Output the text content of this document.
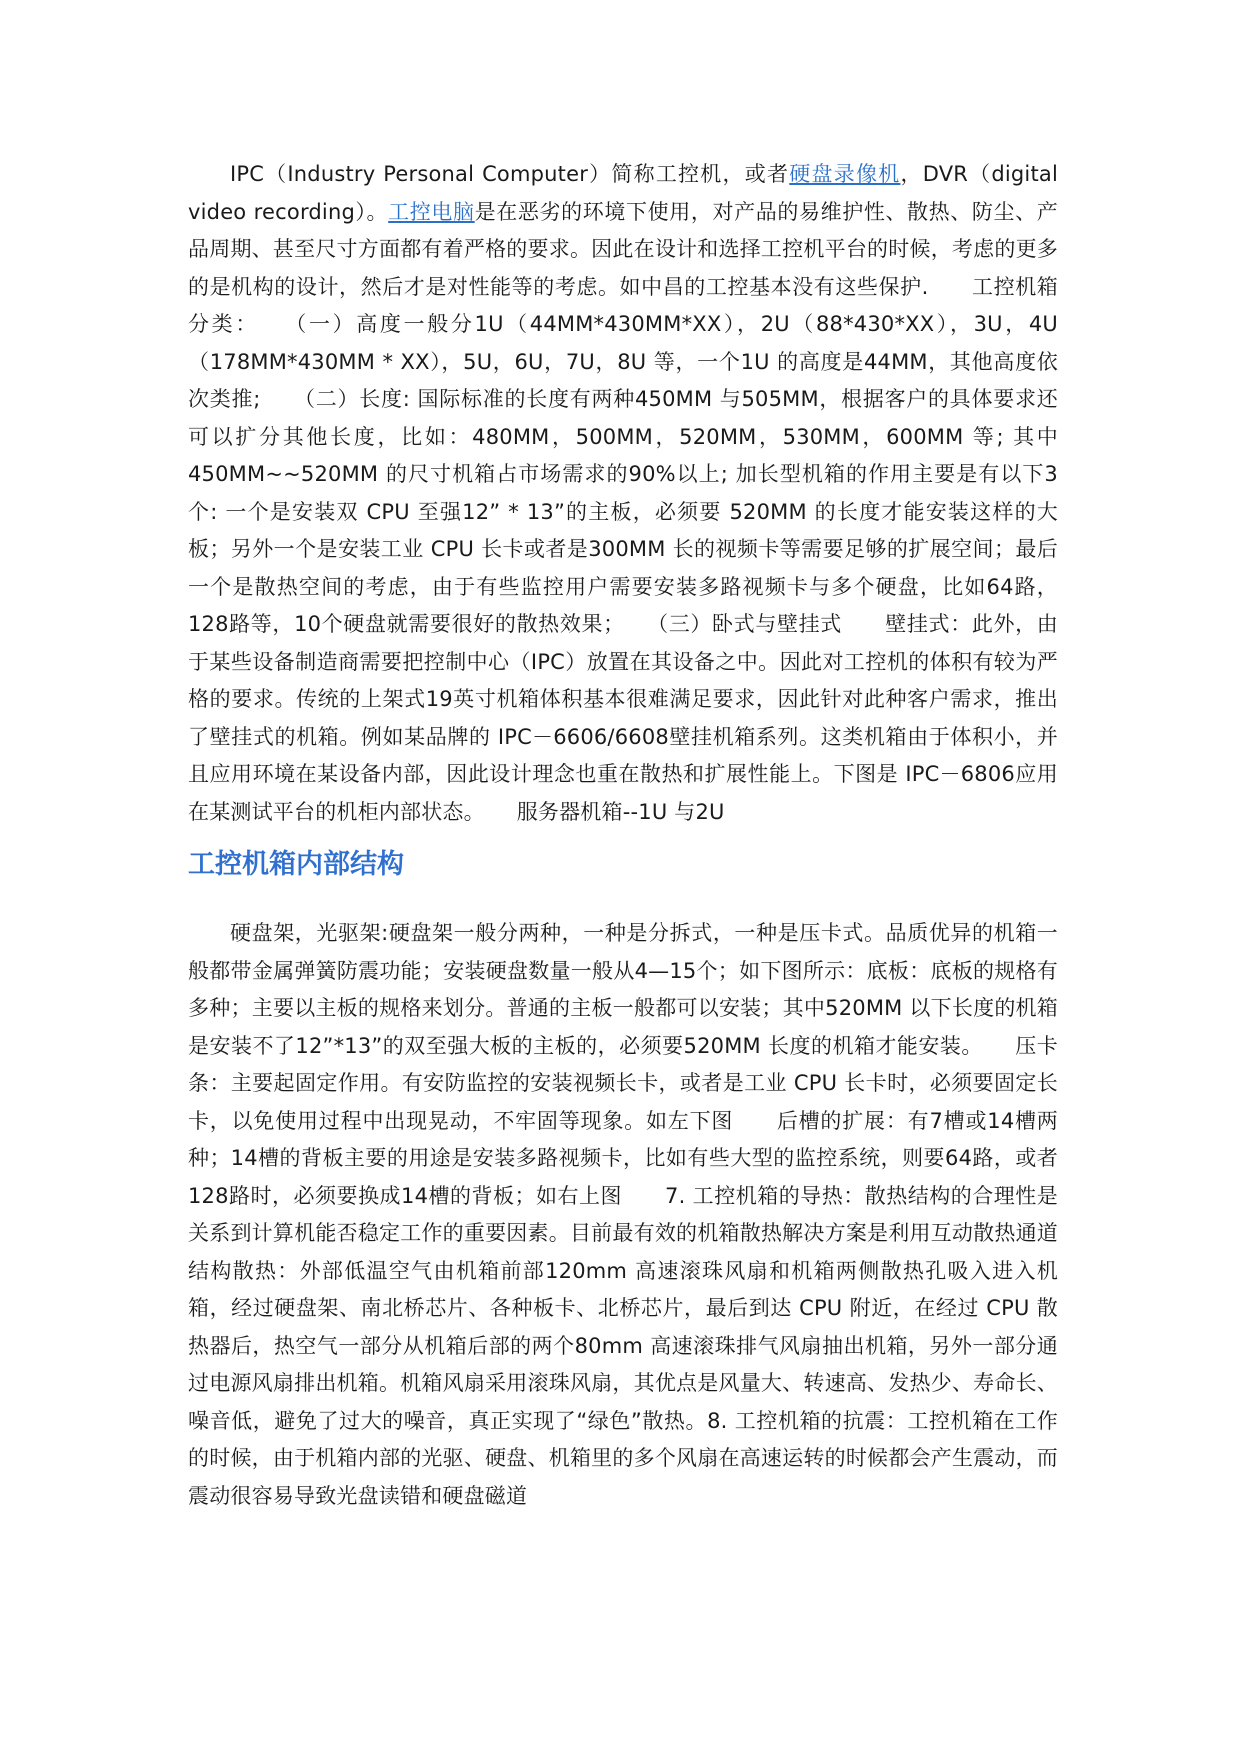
IPC（Industry Personal Computer）简称工控机，或者硬盘录像机，DVR（digital video recording）。工控电脑是在恶劣的环境下使用，对产品的易维护性、散热、防尘、产品周期、甚至尺寸方面都有着严格的要求。因此在设计和选择工控机平台的时候，考虑的更多的是机构的设计，然后才是对性能等的考虑。如中昌的工控基本没有这些保护.　　工控机箱分类：　　（一）高度一般分1U（44MM*430MM*XX），2U（88*430*XX），3U，4U（178MM*430MM * XX），5U，6U，7U，8U 等，一个1U 的高度是44MM，其他高度依次类推;　　（二）长度: 国际标准的长度有两种450MM 与505MM，根据客户的具体要求还可以扩分其他长度，比如：480MM，500MM，520MM，530MM，600MM 等; 其中450MM~~520MM 的尺寸机箱占市场需求的90%以上; 加长型机箱的作用主要是有以下3个: 一个是安装双 CPU 至强12” * 13”的主板，必须要 520MM 的长度才能安装这样的大板；另外一个是安装工业 CPU 长卡或者是300MM 长的视频卡等需要足够的扩展空间；最后一个是散热空间的考虑，由于有些监控用户需要安装多路视频卡与多个硬盘，比如64路，128路等，10个硬盘就需要很好的散热效果；　　（三）卧式与壁挂式　　壁挂式：此外，由于某些设备制造商需要把控制中心（IPC）放置在其设备之中。因此对工控机的体积有较为严格的要求。传统的上架式19英寸机箱体积基本很难满足要求，因此针对此种客户需求，推出了壁挂式的机箱。例如某品牌的 IPC－6606/6608壁挂机箱系列。这类机箱由于体积小，并且应用环境在某设备内部，因此设计理念也重在散热和扩展性能上。下图是 IPC－6806应用在某测试平台的机柜内部状态。　　服务器机箱--1U 与2U

工控机箱内部结构

硬盘架，光驱架:硬盘架一般分两种，一种是分拆式，一种是压卡式。品质优异的机箱一般都带金属弹簧防震功能；安装硬盘数量一般从4—15个；如下图所示：底板：底板的规格有多种；主要以主板的规格来划分。普通的主板一般都可以安装；其中520MM 以下长度的机箱是安装不了12”*13”的双至强大板的主板的，必须要520MM 长度的机箱才能安装。　　压卡条：主要起固定作用。有安防监控的安装视频长卡，或者是工业 CPU 长卡时，必须要固定长卡，以免使用过程中出现晃动，不牢固等现象。如左下图　　后槽的扩展：有7槽或14槽两种；14槽的背板主要的用途是安装多路视频卡，比如有些大型的监控系统，则要64路，或者128路时，必须要换成14槽的背板；如右上图　　7. 工控机箱的导热：散热结构的合理性是关系到计算机能否稳定工作的重要因素。目前最有效的机箱散热解决方案是利用互动散热通道结构散热：外部低温空气由机箱前部120mm 高速滚珠风扇和机箱两侧散热孔吸入进入机箱，经过硬盘架、南北桥芯片、各种板卡、北桥芯片，最后到达 CPU 附近，在经过 CPU 散热器后，热空气一部分从机箱后部的两个80mm 高速滚珠排气风扇抽出机箱，另外一部分通过电源风扇排出机箱。机箱风扇采用滚珠风扇，其优点是风量大、转速高、发热少、寿命长、噪音低，避免了过大的噪音，真正实现了“绿色”散热。8. 工控机箱的抗震：工控机箱在工作的时候，由于机箱内部的光驱、硬盘、机箱里的多个风扇在高速运转的时候都会产生震动，而震动很容易导致光盘读错和硬盘磁道
